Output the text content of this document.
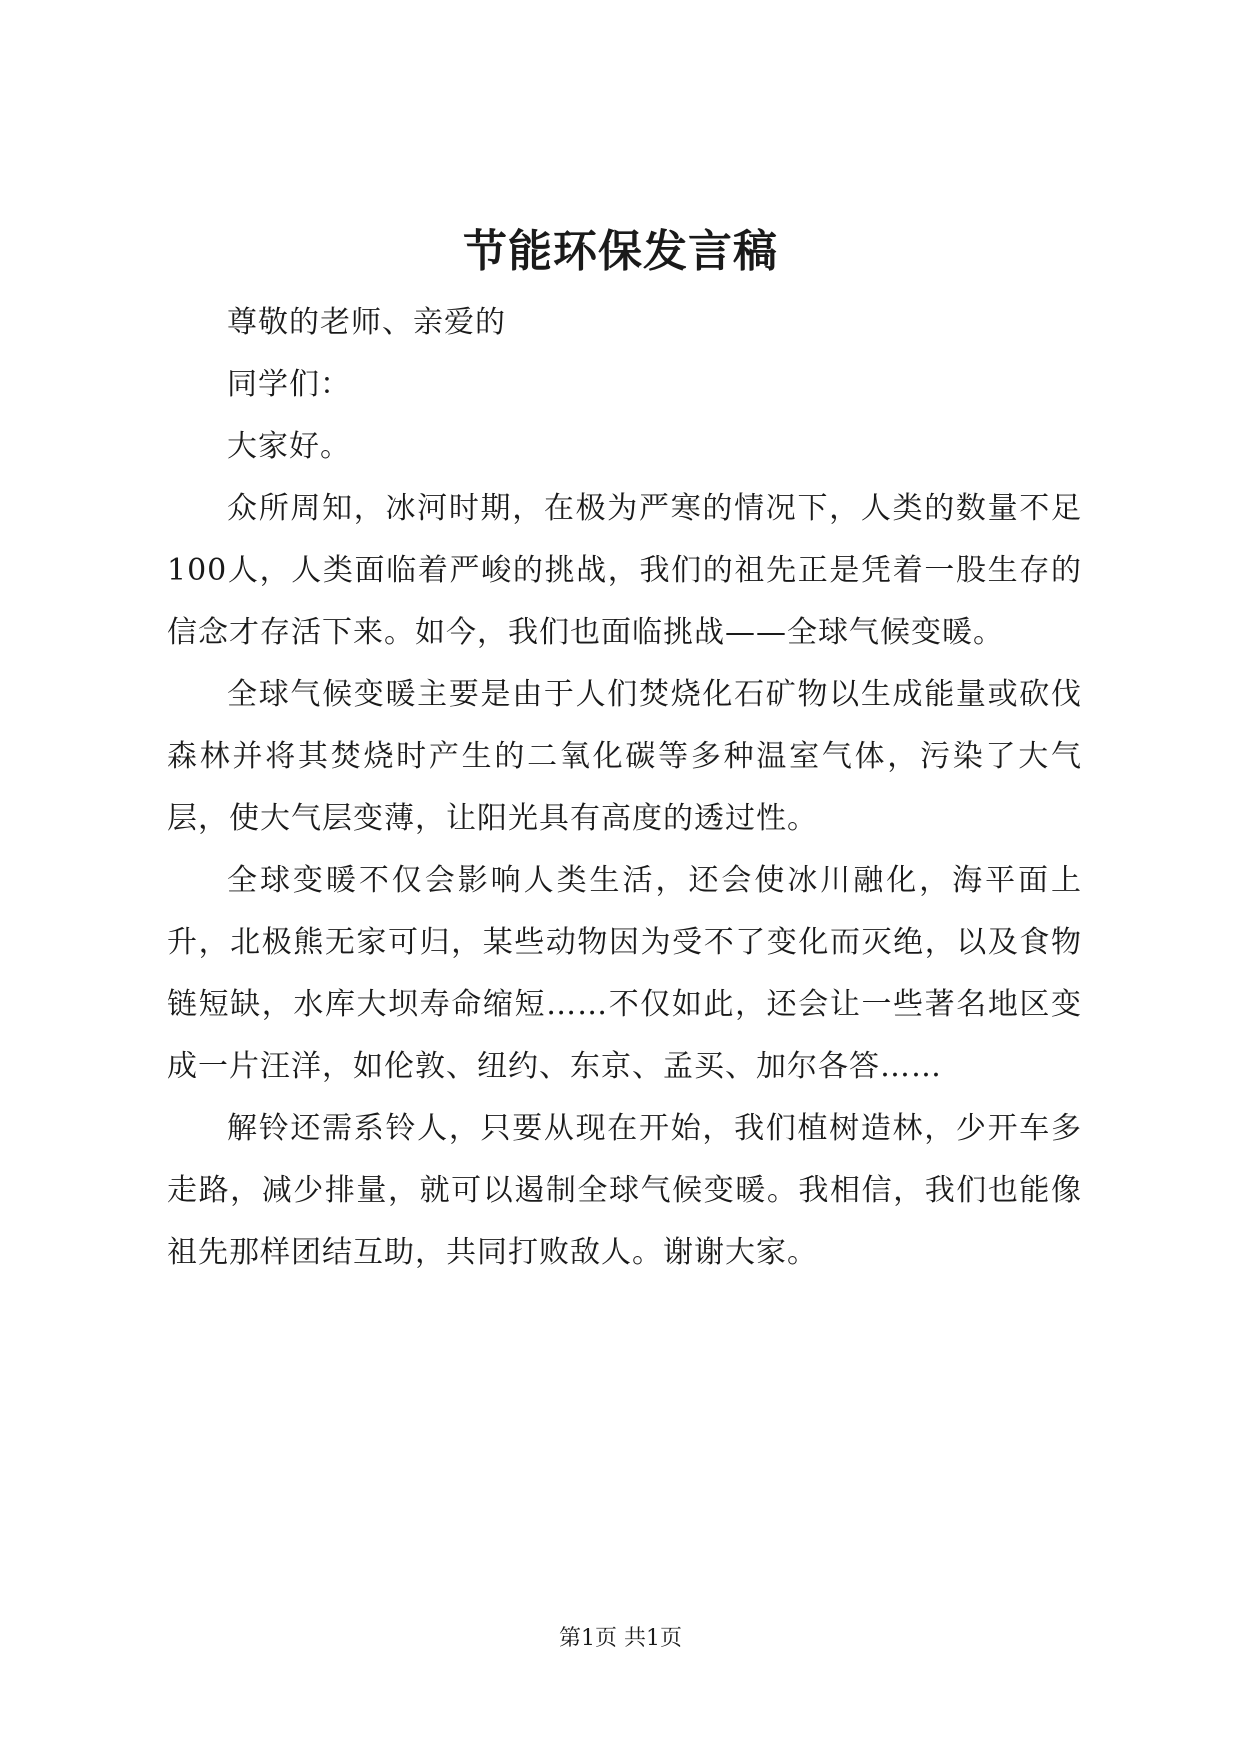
节能环保发言稿

尊敬的老师、亲爱的

同学们：

大家好。

众所周知，冰河时期，在极为严寒的情况下，人类的数量不足100人，人类面临着严峻的挑战，我们的祖先正是凭着一股生存的信念才存活下来。如今，我们也面临挑战——全球气候变暖。

全球气候变暖主要是由于人们焚烧化石矿物以生成能量或砍伐森林并将其焚烧时产生的二氧化碳等多种温室气体，污染了大气层，使大气层变薄，让阳光具有高度的透过性。

全球变暖不仅会影响人类生活，还会使冰川融化，海平面上升，北极熊无家可归，某些动物因为受不了变化而灭绝，以及食物链短缺，水库大坝寿命缩短……不仅如此，还会让一些著名地区变成一片汪洋，如伦敦、纽约、东京、孟买、加尔各答……

解铃还需系铃人，只要从现在开始，我们植树造林，少开车多走路，减少排量，就可以遏制全球气候变暖。我相信，我们也能像祖先那样团结互助，共同打败敌人。谢谢大家。

第1页 共1页
